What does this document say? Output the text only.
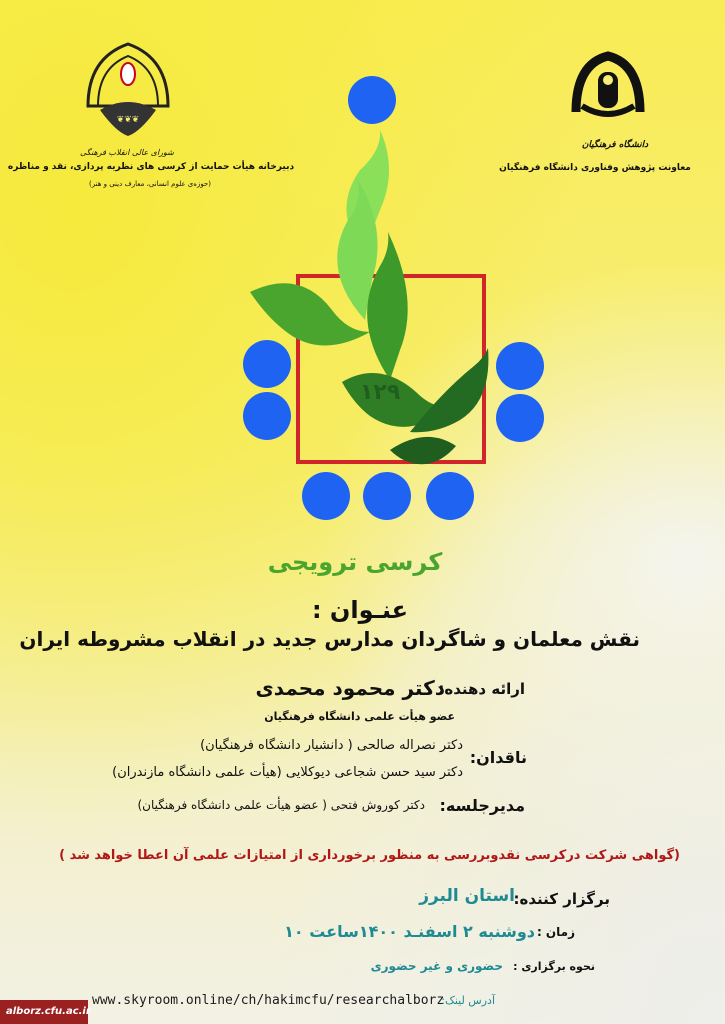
❦❦❦
شورای عالی انقلاب فرهنگی
دبیرخانه هیأت حمایت از کرسی های نظریه پردازی، نقد و مناظره
(حوزه‌ی علوم انسانی، معارف دینی و هنر)
دانشگاه فرهنگیان
معاونت پژوهش وفناوری دانشگاه فرهنگیان
۱۲۹
کرسی ترویجی
عنـوان :
نقش معلمان و شاگردان مدارس جدید در انقلاب مشروطه ایران
ارائه دهنده:
دکتر محمود محمدی
عضو هیأت علمی دانشگاه فرهنگیان
ناقدان:
دکتر نصراله صالحی ( دانشیار دانشگاه فرهنگیان)
دکتر سید حسن شجاعی دیوکلایی (هیأت علمی دانشگاه مازندران)
مدیرجلسه:
دکتر کوروش فتحی ( عضو هیأت علمی دانشگاه فرهنگیان)
(گواهی شرکت درکرسی نقدوبررسی به منظور برخورداری از امتیازات علمی آن اعطا خواهد شد )
برگزار کننده:
استان البرز
زمان :
دوشنبه ۲ اسفنـد ۱۴۰۰ساعت ۱۰
نحوه برگزاری :
حضوری و غیر حضوری
www.skyroom.online/ch/hakimcfu/researchalborz
آدرس لینک:
alborz.cfu.ac.ir
